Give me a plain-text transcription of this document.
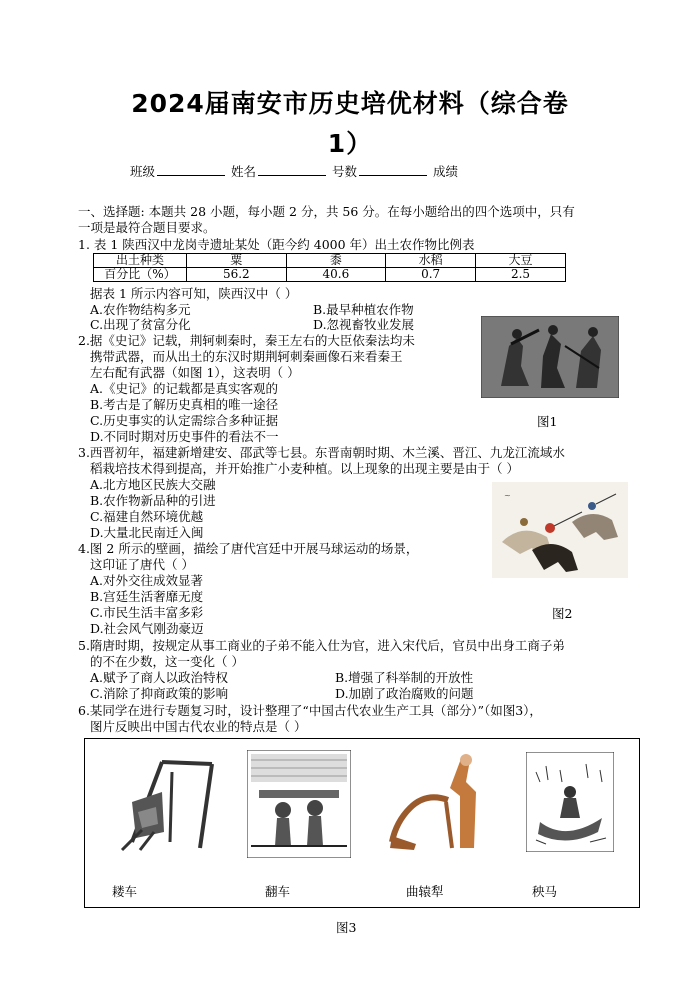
2024届南安市历史培优材料（综合卷
1）
班级	姓名	号数	成绩
一、选择题: 本题共 28 小题，每小题 2 分，共 56 分。在每小题给出的四个选项中，只有
一项是最符合题目要求。
1. 表 1 陕西汉中龙岗寺遗址某处（距今约 4000 年）出土农作物比例表
出土种类	粟	黍	水稻	大豆
百分比（%）	56.2	40.6	0.7	2.5
据表 1 所示内容可知，陕西汉中（ ）
A.农作物结构多元	B.最早种植农作物
C.出现了贫富分化	D.忽视畜牧业发展
2.据《史记》记载，荆轲刺秦时，秦王左右的大臣依秦法均未
携带武器，而从出土的东汉时期荆轲刺秦画像石来看秦王
左右配有武器（如图 1），这表明（ ）
A.《史记》的记载都是真实客观的
B.考古是了解历史真相的唯一途径
C.历史事实的认定需综合多种证据
D.不同时期对历史事件的看法不一
图1
3.西晋初年，福建新增建安、邵武等七县。东晋南朝时期、木兰溪、晋江、九龙江流域水
稻栽培技术得到提高，并开始推广小麦种植。以上现象的出现主要是由于（ ）
A.北方地区民族大交融
B.农作物新品种的引进
C.福建自然环境优越
D.大量北民南迁入闽
~
图2
4.图 2 所示的壁画，描绘了唐代宫廷中开展马球运动的场景，
这印证了唐代（ ）
A.对外交往成效显著
B.宫廷生活奢靡无度
C.市民生活丰富多彩
D.社会风气刚劲豪迈
5.隋唐时期，按规定从事工商业的子弟不能入仕为官，进入宋代后，官员中出身工商子弟
的不在少数，这一变化（ ）
A.赋予了商人以政治特权	B.增强了科举制的开放性
C.消除了抑商政策的影响	D.加剧了政治腐败的问题
6.某同学在进行专题复习时，设计整理了“中国古代农业生产工具（部分）”（如图3），
图片反映出中国古代农业的特点是（ ）
耧车	翻车	曲辕犁	秧马
图3
